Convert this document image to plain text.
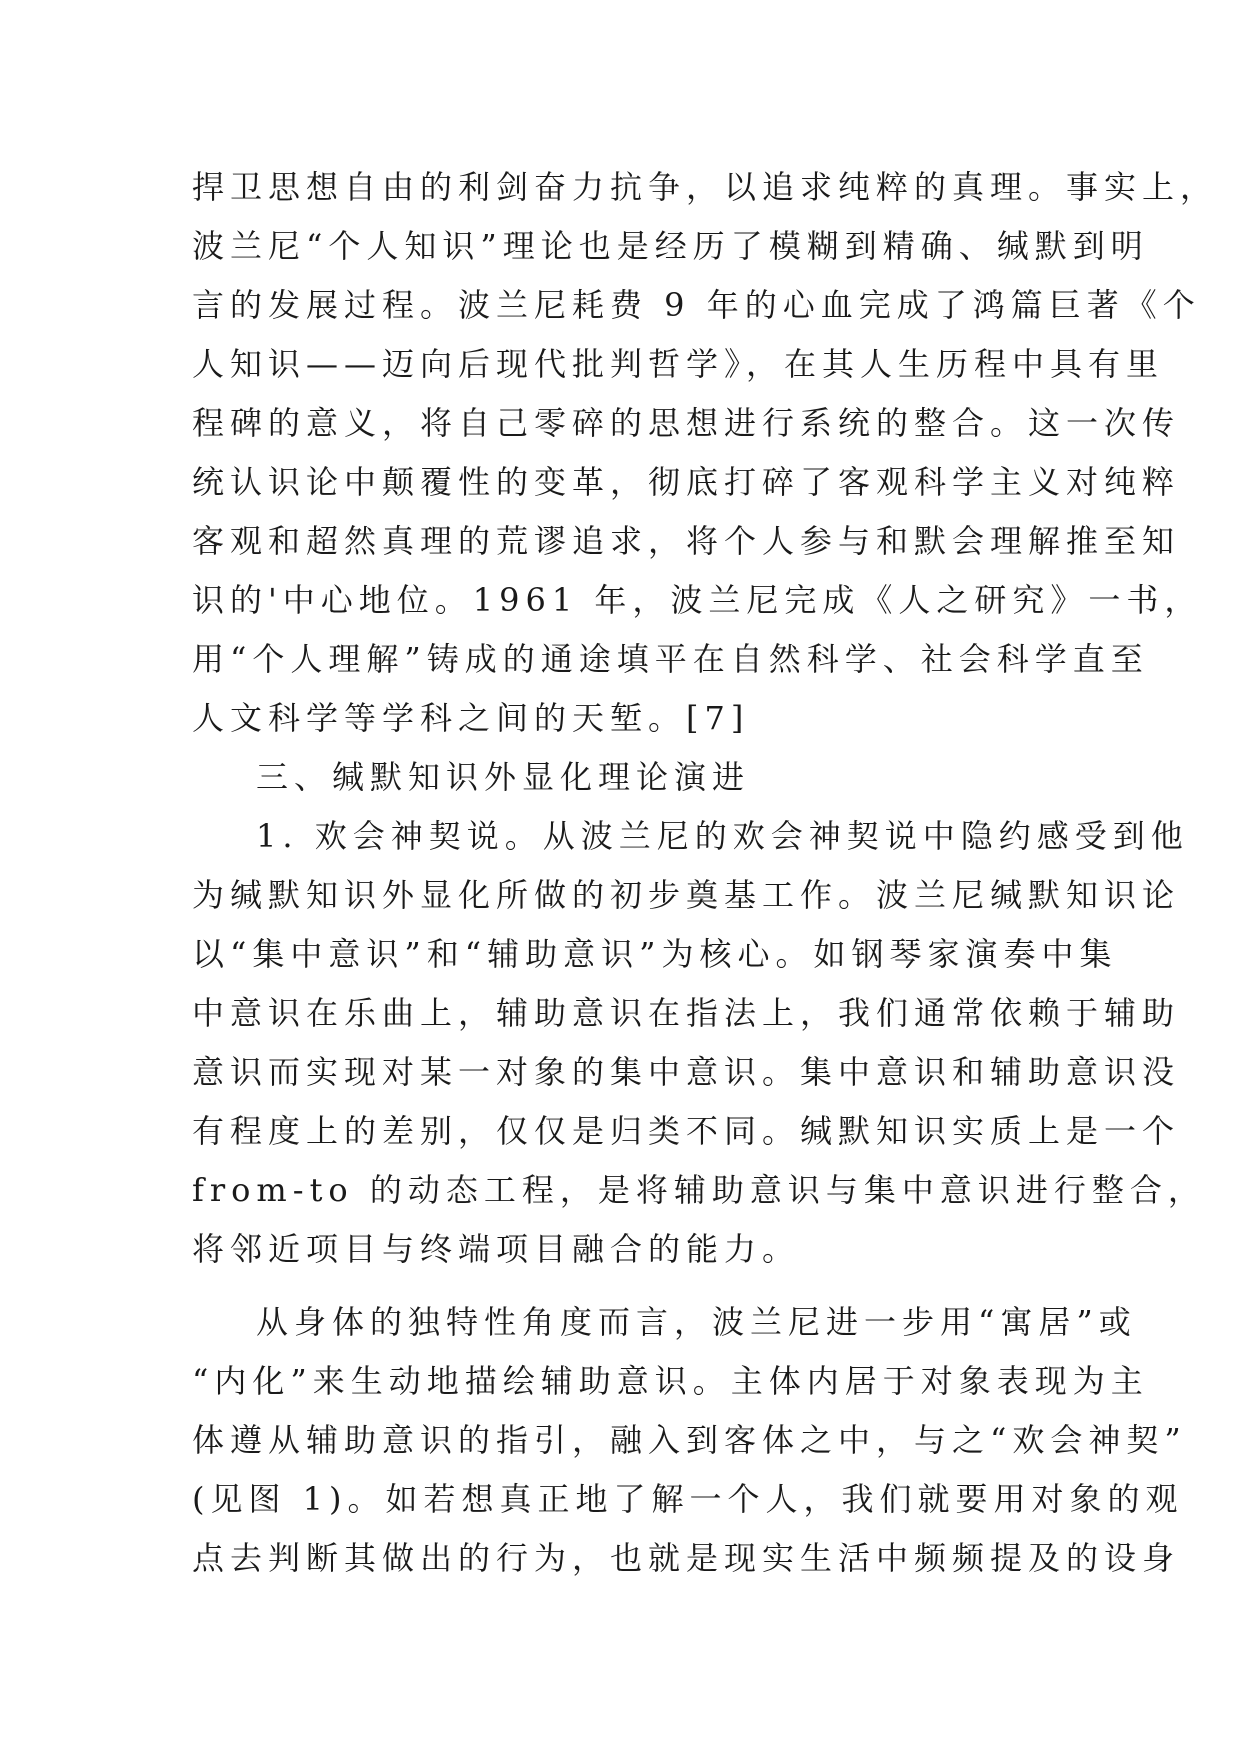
捍卫思想自由的利剑奋力抗争，以追求纯粹的真理。事实上，
波兰尼“个人知识”理论也是经历了模糊到精确、缄默到明
言的发展过程。波兰尼耗费 9 年的心血完成了鸿篇巨著《个
人知识——迈向后现代批判哲学》，在其人生历程中具有里
程碑的意义，将自己零碎的思想进行系统的整合。这一次传
统认识论中颠覆性的变革，彻底打碎了客观科学主义对纯粹
客观和超然真理的荒谬追求，将个人参与和默会理解推至知
识的'中心地位。1961 年，波兰尼完成《人之研究》一书，
用“个人理解”铸成的通途填平在自然科学、社会科学直至
人文科学等学科之间的天堑。[7]
三、缄默知识外显化理论演进
1. 欢会神契说。从波兰尼的欢会神契说中隐约感受到他
为缄默知识外显化所做的初步奠基工作。波兰尼缄默知识论
以“集中意识”和“辅助意识”为核心。如钢琴家演奏中集
中意识在乐曲上，辅助意识在指法上，我们通常依赖于辅助
意识而实现对某一对象的集中意识。集中意识和辅助意识没
有程度上的差别，仅仅是归类不同。缄默知识实质上是一个
from-to 的动态工程，是将辅助意识与集中意识进行整合，
将邻近项目与终端项目融合的能力。
从身体的独特性角度而言，波兰尼进一步用“寓居”或
“内化”来生动地描绘辅助意识。主体内居于对象表现为主
体遵从辅助意识的指引，融入到客体之中，与之“欢会神契”
(见图 1)。如若想真正地了解一个人，我们就要用对象的观
点去判断其做出的行为，也就是现实生活中频频提及的设身
